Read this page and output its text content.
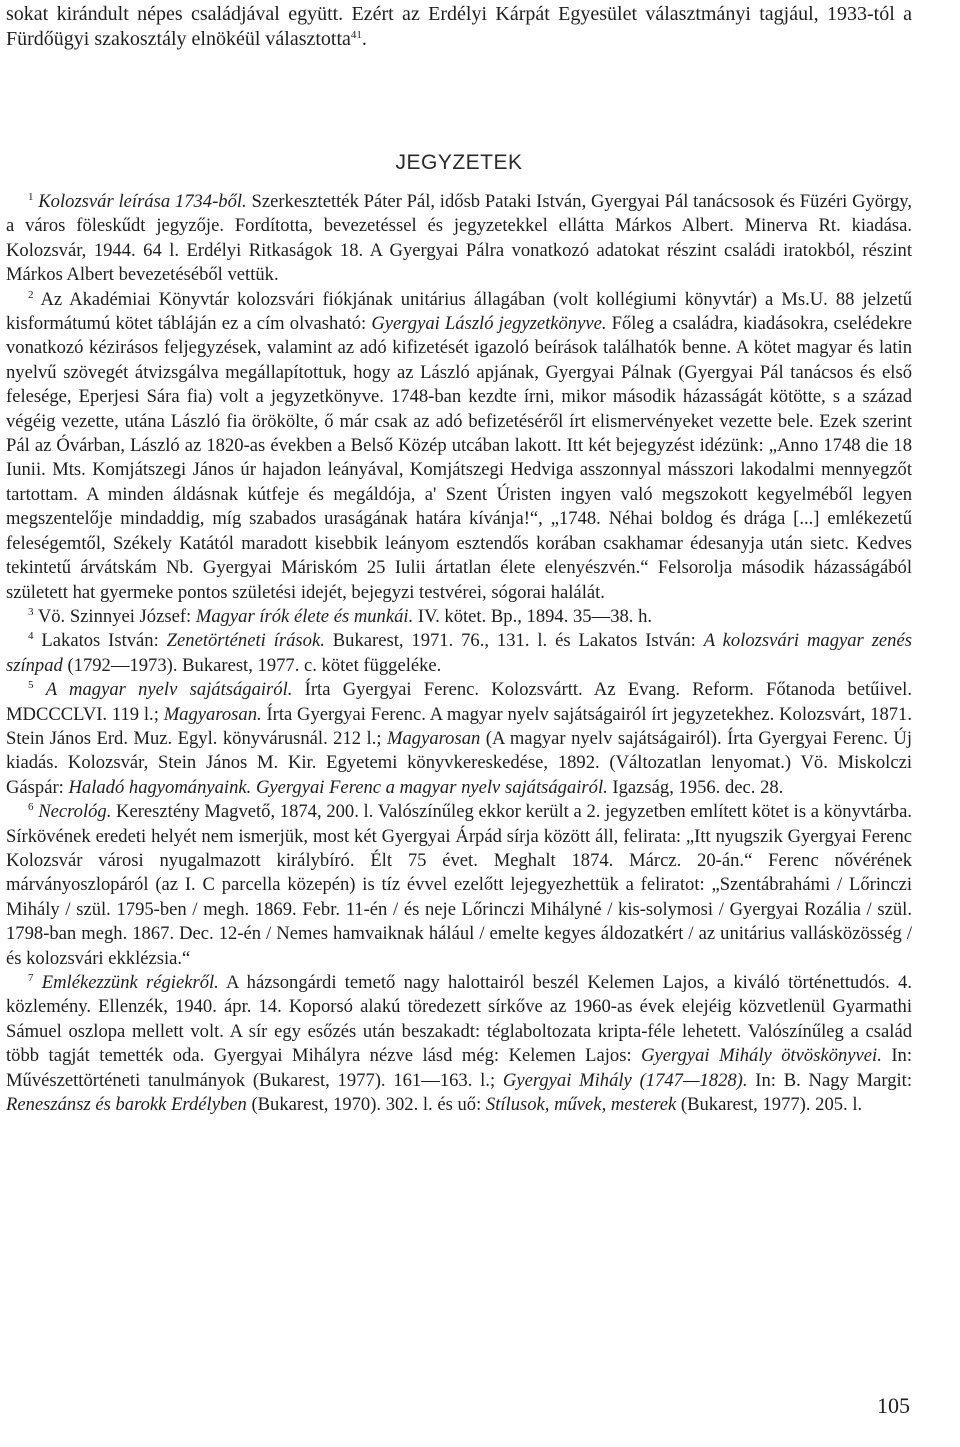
sokat kirándult népes családjával együtt. Ezért az Erdélyi Kárpát Egyesület választmányi tagjául, 1933-tól a Fürdőügyi szakosztály elnökéül választotta$^{41}$.

JEGYZETEK

$^1$ Kolozsvár leírása 1734-ből. Szerkesztették Páter Pál, idősb Pataki István, Gyergyai Pál tanácsosok és Füzéri György, a város föleskűdt jegyzője. Fordította, bevezetéssel és jegyzetekkel ellátta Márkos Albert. Minerva Rt. kiadása. Kolozsvár, 1944. 64 l. Erdélyi Ritkaságok 18. A Gyergyai Pálra vonatkozó adatokat részint családi iratokból, részint Márkos Albert bevezetéséből vettük.

$^2$ Az Akadémiai Könyvtár kolozsvári fiókjának unitárius állagában (volt kollégiumi könyvtár) a Ms.U. 88 jelzetű kisformátumú kötet tábláján ez a cím olvasható: Gyergyai László jegyzetkönyve. Főleg a családra, kiadásokra, cselédekre vonatkozó kézirásos feljegyzések, valamint az adó kifizetését igazoló beírások találhatók benne. A kötet magyar és latin nyelvű szövegét átvizsgálva megállapítottuk, hogy az László apjának, Gyergyai Pálnak (Gyergyai Pál tanácsos és első felesége, Eperjesi Sára fia) volt a jegyzetkönyve. 1748-ban kezdte írni, mikor második házasságát kötötte, s a század végéig vezette, utána László fia örökölte, ő már csak az adó befizetéséről írt elismervényeket vezette bele. Ezek szerint Pál az Óvárban, László az 1820-as években a Belső Közép utcában lakott. Itt két bejegyzést idézünk: „Anno 1748 die 18 Iunii. Mts. Komjátszegi János úr hajadon leányával, Komjátszegi Hedviga asszonnyal másszori lakodalmi mennyegzőt tartottam. A minden áldásnak kútfeje és megáldója, a' Szent Úristen ingyen való megszokott kegyelméből legyen megszentelője mindaddig, míg szabados uraságának határa kívánja!“, „1748. Néhai boldog és drága [...] emlékezetű feleségemtől, Székely Katától maradott kisebbik leányom esztendős korában csakhamar édesanyja után sietc. Kedves tekintetű árvátskám Nb. Gyergyai Máriskóm 25 Iulii ártatlan élete elenyészvén.“ Felsorolja második házasságából született hat gyermeke pontos születési idejét, bejegyzi testvérei, sógorai halálát.

$^3$ Vö. Szinnyei József: Magyar írók élete és munkái. IV. kötet. Bp., 1894. 35—38. h.

$^4$ Lakatos István: Zenetörténeti írások. Bukarest, 1971. 76., 131. l. és Lakatos István: A kolozsvári magyar zenés színpad (1792—1973). Bukarest, 1977. c. kötet függeléke.

$^5$ A magyar nyelv sajátságairól. Írta Gyergyai Ferenc. Kolozsvártt. Az Evang. Reform. Főtanoda betűivel. MDCCCLVI. 119 l.; Magyarosan. Írta Gyergyai Ferenc. A magyar nyelv sajátságairól írt jegyzetekhez. Kolozsvárt, 1871. Stein János Erd. Muz. Egyl. könyvárusnál. 212 l.; Magyarosan (A magyar nyelv sajátságairól). Írta Gyergyai Ferenc. Új kiadás. Kolozsvár, Stein János M. Kir. Egyetemi könyvkereskedése, 1892. (Változatlan lenyomat.) Vö. Miskolczi Gáspár: Haladó hagyományaink. Gyergyai Ferenc a magyar nyelv sajátságairól. Igazság, 1956. dec. 28.

$^6$ Necrológ. Keresztény Magvető, 1874, 200. l. Valószínűleg ekkor került a 2. jegyzetben említett kötet is a könyvtárba. Sírkövének eredeti helyét nem ismerjük, most két Gyergyai Árpád sírja között áll, felirata: „Itt nyugszik Gyergyai Ferenc Kolozsvár városi nyugalmazott királybíró. Élt 75 évet. Meghalt 1874. Márcz. 20-án.“ Ferenc nővérének márványoszlopáról (az I. C parcella közepén) is tíz évvel ezelőtt lejegyezhettük a feliratot: „Szentábrahámi / Lőrinczi Mihály / szül. 1795-ben / megh. 1869. Febr. 11-én / és neje Lőrinczi Mihályné / kis-solymosi / Gyergyai Rozália / szül. 1798-ban megh. 1867. Dec. 12-én / Nemes hamvaiknak hálául / emelte kegyes áldozatkért / az unitárius vallásközösség / és kolozsvári ekklézsia.“

$^7$ Emlékezzünk régiekről. A házsongárdi temető nagy halottairól beszél Kelemen Lajos, a kiváló történettudós. 4. közlemény. Ellenzék, 1940. ápr. 14. Koporsó alakú töredezett sírkőve az 1960-as évek elejéig közvetlenül Gyarmathi Sámuel oszlopa mellett volt. A sír egy esőzés után beszakadt: téglaboltozata kripta-féle lehetett. Valószínűleg a család több tagját temették oda. Gyergyai Mihályra nézve lásd még: Kelemen Lajos: Gyergyai Mihály ötvöskönyvei. In: Művészettörténeti tanulmányok (Bukarest, 1977). 161—163. l.; Gyergyai Mihály (1747—1828). In: B. Nagy Margit: Reneszánsz és barokk Erdélyben (Bukarest, 1970). 302. l. és uő: Stílusok, művek, mesterek (Bukarest, 1977). 205. l.

105
